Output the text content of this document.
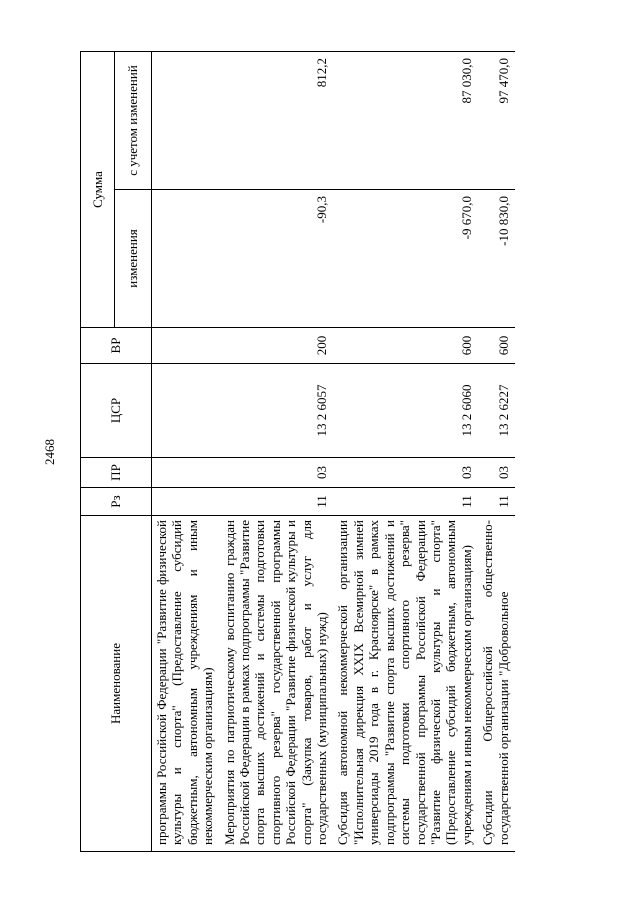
2468
Наименование	Рз	ПР	ЦСР	ВР	Сумма	
					изменения	с учетом изменений
программы Российской Федерации "Развитие физической культуры и спорта" (Предоставление субсидий бюджетным, автономным учреждениям и иным некоммерческим организациям)						
Мероприятия по патриотическому воспитанию граждан Российской Федерации в рамках подпрограммы "Развитие спорта высших достижений и системы подготовки спортивного резерва" государственной программы Российской Федерации "Развитие физической культуры и спорта" (Закупка товаров, работ и услуг для государственных (муниципальных) нужд)	11	03	13 2 6057	200	-90,3	812,2
Субсидия автономной некоммерческой организации "Исполнительная дирекция XXIX Всемирной зимней универсиады 2019 года в г. Красноярске" в рамках подпрограммы "Развитие спорта высших достижений и системы подготовки спортивного резерва" государственной программы Российской Федерации "Развитие физической культуры и спорта" (Предоставление субсидий бюджетным, автономным учреждениям и иным некоммерческим организациям)	11	03	13 2 6060	600	-9 670,0	87 030,0
Субсидии Общероссийской общественно-государственной организации "Добровольное	11	03	13 2 6227	600	-10 830,0	97 470,0
